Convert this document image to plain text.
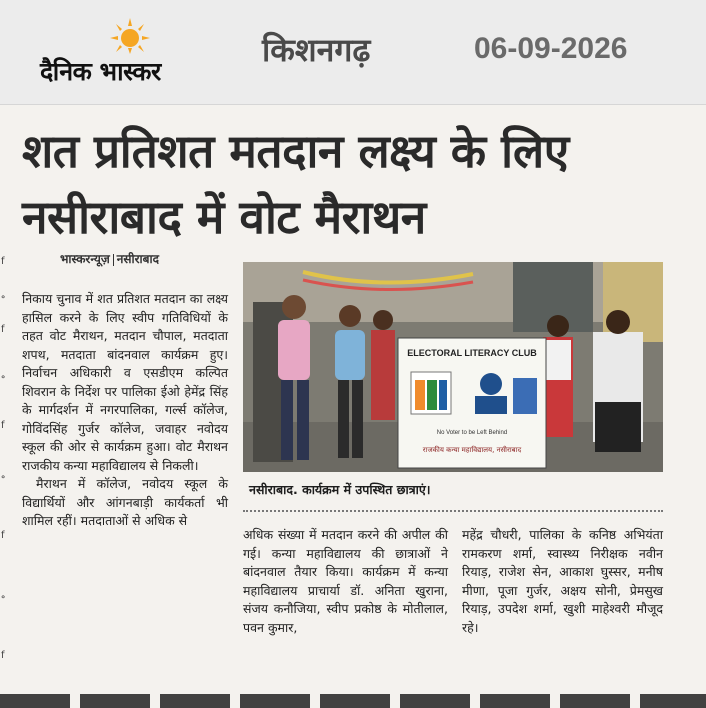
दैनिक भास्कर
किशनगढ़	06-09-2026
शत प्रतिशत मतदान लक्ष्य के लिए नसीराबाद में वोट मैराथन
f
॰
f
॰
f
॰
f
॰
f
भास्करन्यूज़ नसीराबाद

निकाय चुनाव में शत प्रतिशत मतदान का लक्ष्य हासिल करने के लिए स्वीप गतिविधियों के तहत वोट मैराथन, मतदान चौपाल, मतदाता शपथ, मतदाता बांदनवाल कार्यक्रम हुए। निर्वाचन अधिकारी व एसडीएम कल्पित शिवरान के निर्देश पर पालिका ईओ हेमेंद्र सिंह के मार्गदर्शन में नगरपालिका, गर्ल्स कॉलेज, गोविंदसिंह गुर्जर कॉलेज, जवाहर नवोदय स्कूल की ओर से कार्यक्रम हुआ। वोट मैराथन राजकीय कन्या महाविद्यालय से निकली।

मैराथन में कॉलेज, नवोदय स्कूल के विद्यार्थियों और आंगनबाड़ी कार्यकर्ता भी शामिल रहीं। मतदाताओं से अधिक से

ELECTORAL LITERACY CLUB
No Voter to be Left Behind
राजकीय कन्या महाविद्यालय, नसीराबाद
नसीराबाद. कार्यक्रम में उपस्थित छात्राएं।

अधिक संख्या में मतदान करने की अपील की गई। कन्या महाविद्यालय की छात्राओं ने बांदनवाल तैयार किया। कार्यक्रम में कन्या महाविद्यालय प्राचार्या डॉ. अनिता खुराना, संजय कनौजिया, स्वीप प्रकोष्ठ के मोतीलाल, पवन कुमार,

महेंद्र चौधरी, पालिका के कनिष्ठ अभियंता रामकरण शर्मा, स्वास्थ्य निरीक्षक नवीन रियाड़, राजेश सेन, आकाश घुस्सर, मनीष मीणा, पूजा गुर्जर, अक्षय सोनी, प्रेमसुख रियाड़, उपदेश शर्मा, खुशी माहेश्वरी मौजूद रहे।
